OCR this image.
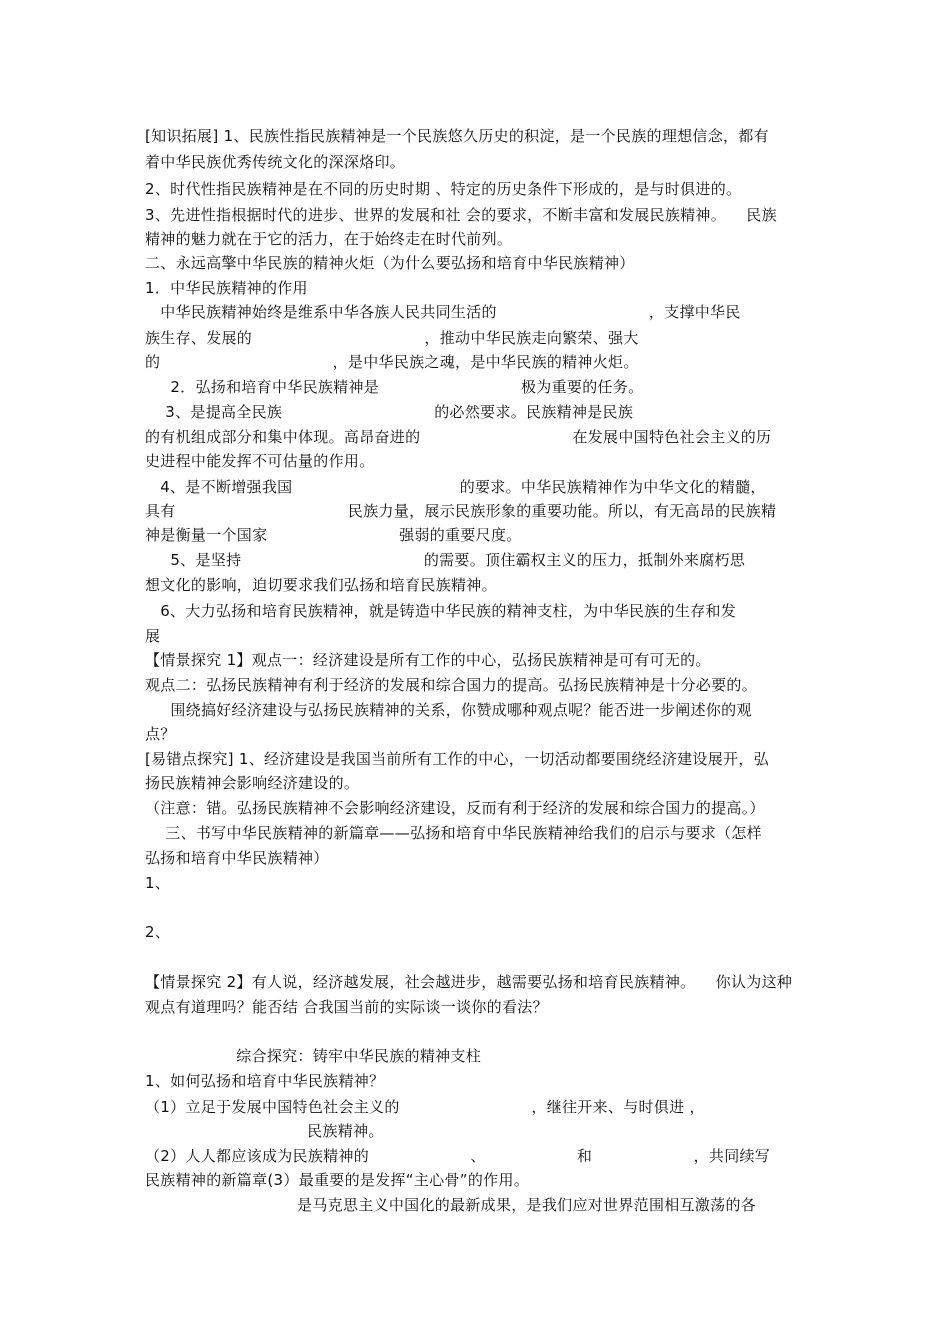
[知识拓展] 1、民族性指民族精神是一个民族悠久历史的积淀，是一个民族的理想信念，都有
着中华民族优秀传统文化的深深烙印。
2、时代性指民族精神是在不同的历史时期 、特定的历史条件下形成的，是与时俱进的。
3、先进性指根据时代的进步、世界的发展和社 会的要求，不断丰富和发展民族精神。    民族
精神的魅力就在于它的活力，在于始终走在时代前列。
二、永远高擎中华民族的精神火炬（为什么要弘扬和培育中华民族精神）
1．中华民族精神的作用
中华民族精神始终是维系中华各族人民共同生活的                              ，支撑中华民
族生存、发展的                                  ，推动中华民族走向繁荣、强大
的                                  ，是中华民族之魂，是中华民族的精神火炬。
2．弘扬和培育中华民族精神是                            极为重要的任务。
3、是提高全民族                              的必然要求。民族精神是民族
的有机组成部分和集中体现。高昂奋进的                              在发展中国特色社会主义的历
史进程中能发挥不可估量的作用。
4、是不断增强我国                                 的要求。中华民族精神作为中华文化的精髓，
具有                                  民族力量，展示民族形象的重要功能。所以，有无高昂的民族精
神是衡量一个国家                          强弱的重要尺度。
5、是坚持                                    的需要。顶住霸权主义的压力，抵制外来腐朽思
想文化的影响，迫切要求我们弘扬和培育民族精神。
6、大力弘扬和培育民族精神，就是铸造中华民族的精神支柱，为中华民族的生存和发
展
【情景探究 1】观点一：经济建设是所有工作的中心，弘扬民族精神是可有可无的。
观点二：弘扬民族精神有利于经济的发展和综合国力的提高。弘扬民族精神是十分必要的。
围绕搞好经济建设与弘扬民族精神的关系，你赞成哪种观点呢？能否进一步阐述你的观
点？
[易错点探究] 1、经济建设是我国当前所有工作的中心，一切活动都要围绕经济建设展开，弘
扬民族精神会影响经济建设的。
（注意：错。弘扬民族精神不会影响经济建设，反而有利于经济的发展和综合国力的提高。）
三、书写中华民族精神的新篇章——弘扬和培育中华民族精神给我们的启示与要求（怎样
弘扬和培育中华民族精神）
1、
2、
【情景探究 2】有人说，经济越发展，社会越进步，越需要弘扬和培育民族精神。    你认为这种
观点有道理吗？能否结 合我国当前的实际谈一谈你的看法？
综合探究：铸牢中华民族的精神支柱
1、如何弘扬和培育中华民族精神？
（1）立足于发展中国特色社会主义的                          ，继往开来、与时俱进 ，
民族精神。
（2）人人都应该成为民族精神的                    、                  和                    ，共同续写
民族精神的新篇章(3）最重要的是发挥“主心骨”的作用。
是马克思主义中国化的最新成果，是我们应对世界范围相互激荡的各
